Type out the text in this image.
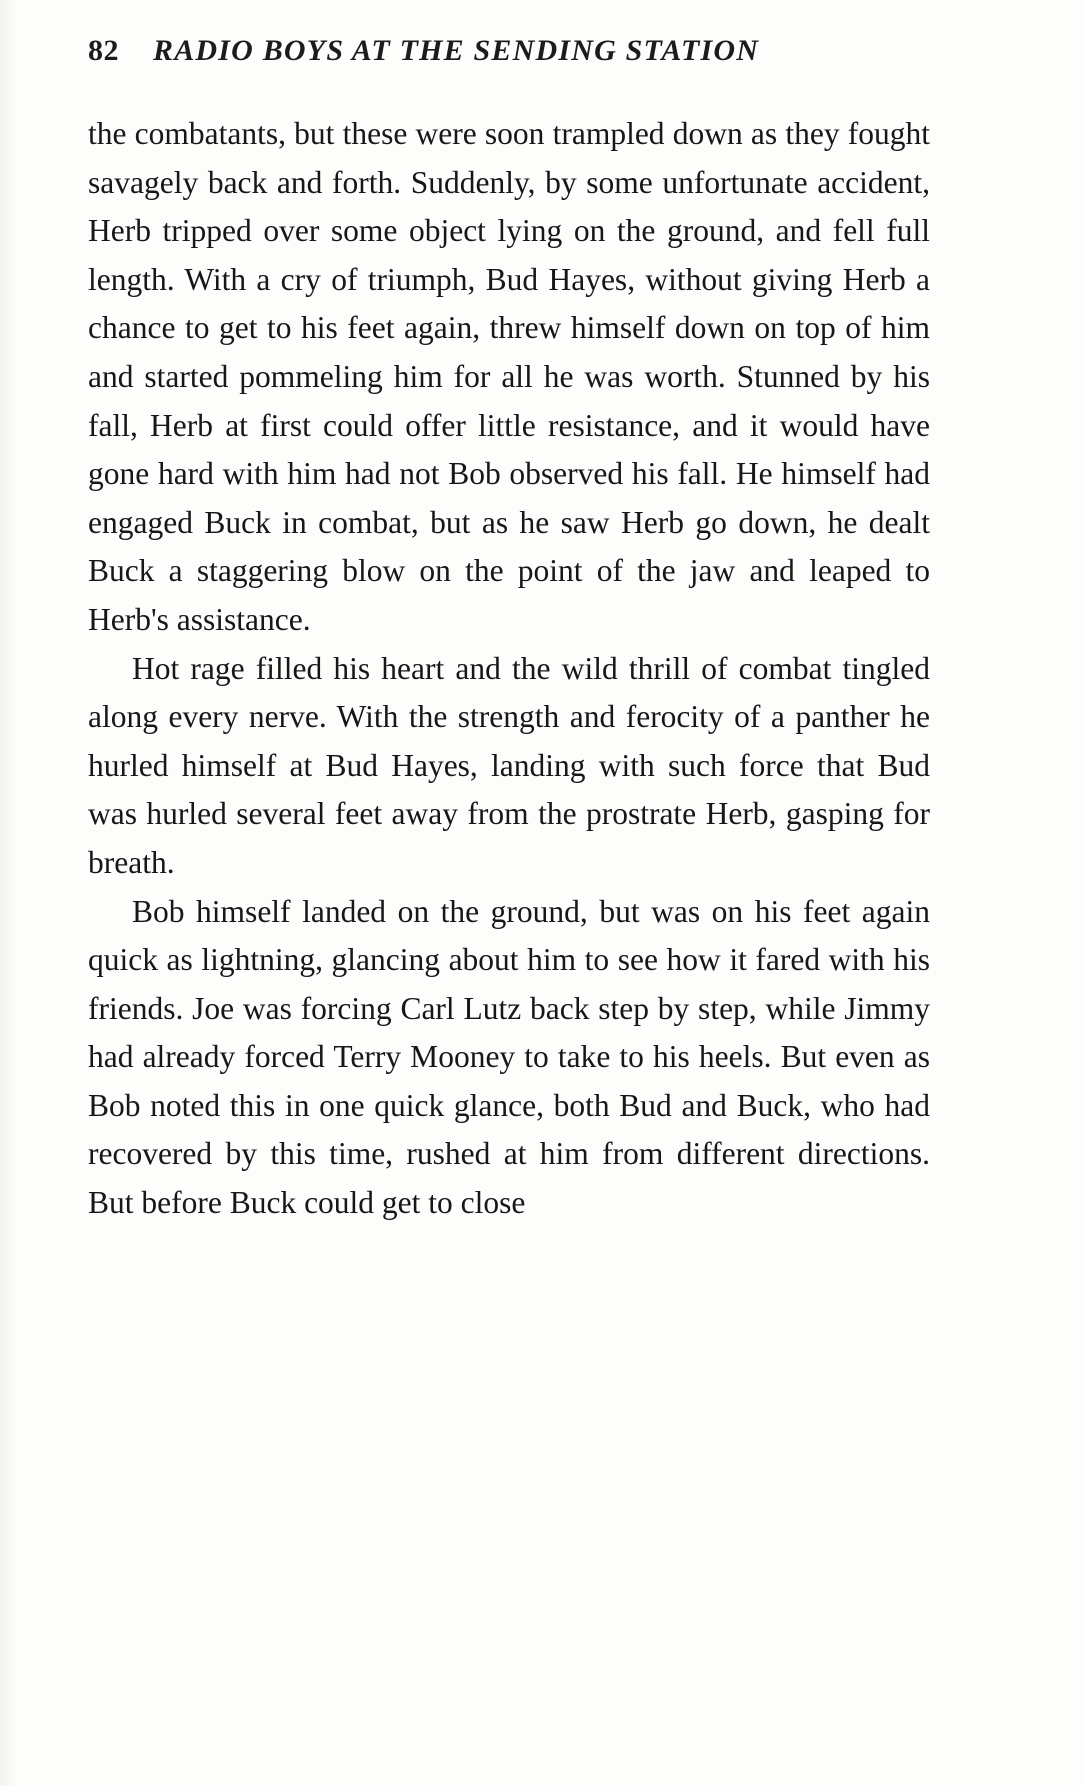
82 RADIO BOYS AT THE SENDING STATION

the combatants, but these were soon trampled down as they fought savagely back and forth. Suddenly, by some unfortunate accident, Herb tripped over some object lying on the ground, and fell full length. With a cry of triumph, Bud Hayes, without giving Herb a chance to get to his feet again, threw himself down on top of him and started pommeling him for all he was worth. Stunned by his fall, Herb at first could offer little resistance, and it would have gone hard with him had not Bob observed his fall. He himself had engaged Buck in combat, but as he saw Herb go down, he dealt Buck a staggering blow on the point of the jaw and leaped to Herb's assistance.

Hot rage filled his heart and the wild thrill of combat tingled along every nerve. With the strength and ferocity of a panther he hurled himself at Bud Hayes, landing with such force that Bud was hurled several feet away from the prostrate Herb, gasping for breath.

Bob himself landed on the ground, but was on his feet again quick as lightning, glancing about him to see how it fared with his friends. Joe was forcing Carl Lutz back step by step, while Jimmy had already forced Terry Mooney to take to his heels. But even as Bob noted this in one quick glance, both Bud and Buck, who had recovered by this time, rushed at him from different directions. But before Buck could get to close
